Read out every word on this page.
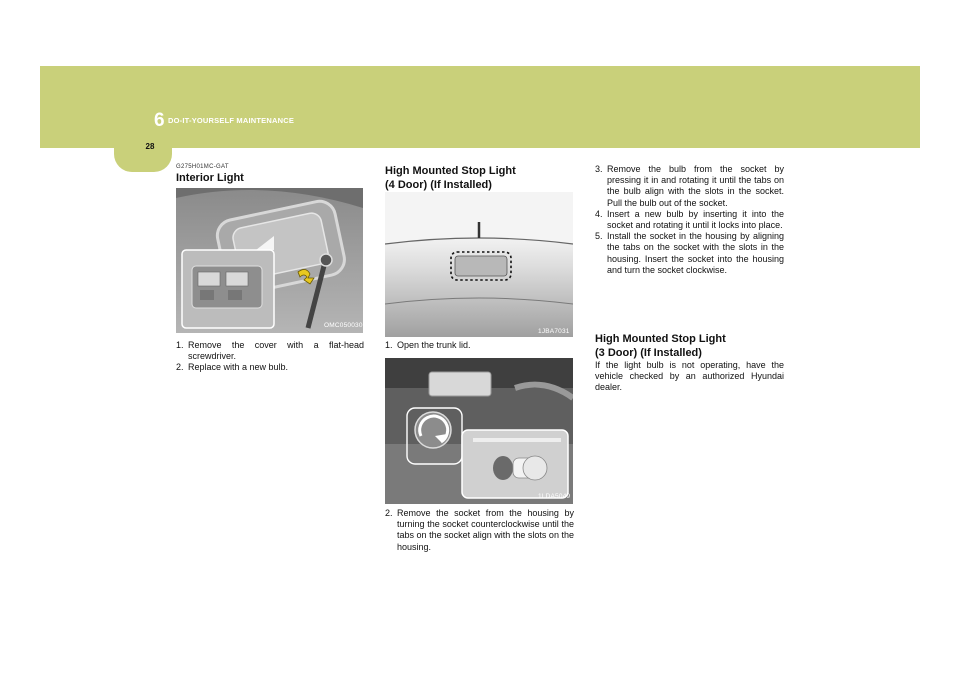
6 DO-IT-YOURSELF MAINTENANCE
28
G275H01MC-GAT
Interior Light
OMC050030
1. Remove the cover with a flat-head screwdriver.
2. Replace with a new bulb.
High Mounted Stop Light
(4 Door) (If Installed)
1JBA7031
1. Open the trunk lid.
1LDA5049
2. Remove the socket from the housing by turning the socket counterclockwise until the tabs on the socket align with the slots on the housing.
3. Remove the bulb from the socket by pressing it in and rotating it until the tabs on the bulb align with the slots in the socket. Pull the bulb out of the socket.
4. Insert a new bulb by inserting it into the socket and rotating it until it locks into place.
5. Install the socket in the housing by aligning the tabs on the socket with the slots in the housing. Insert the socket into the housing and turn the socket clockwise.
High Mounted Stop Light
(3 Door) (If Installed)
If the light bulb is not operating, have the vehicle checked by an authorized Hyundai dealer.
